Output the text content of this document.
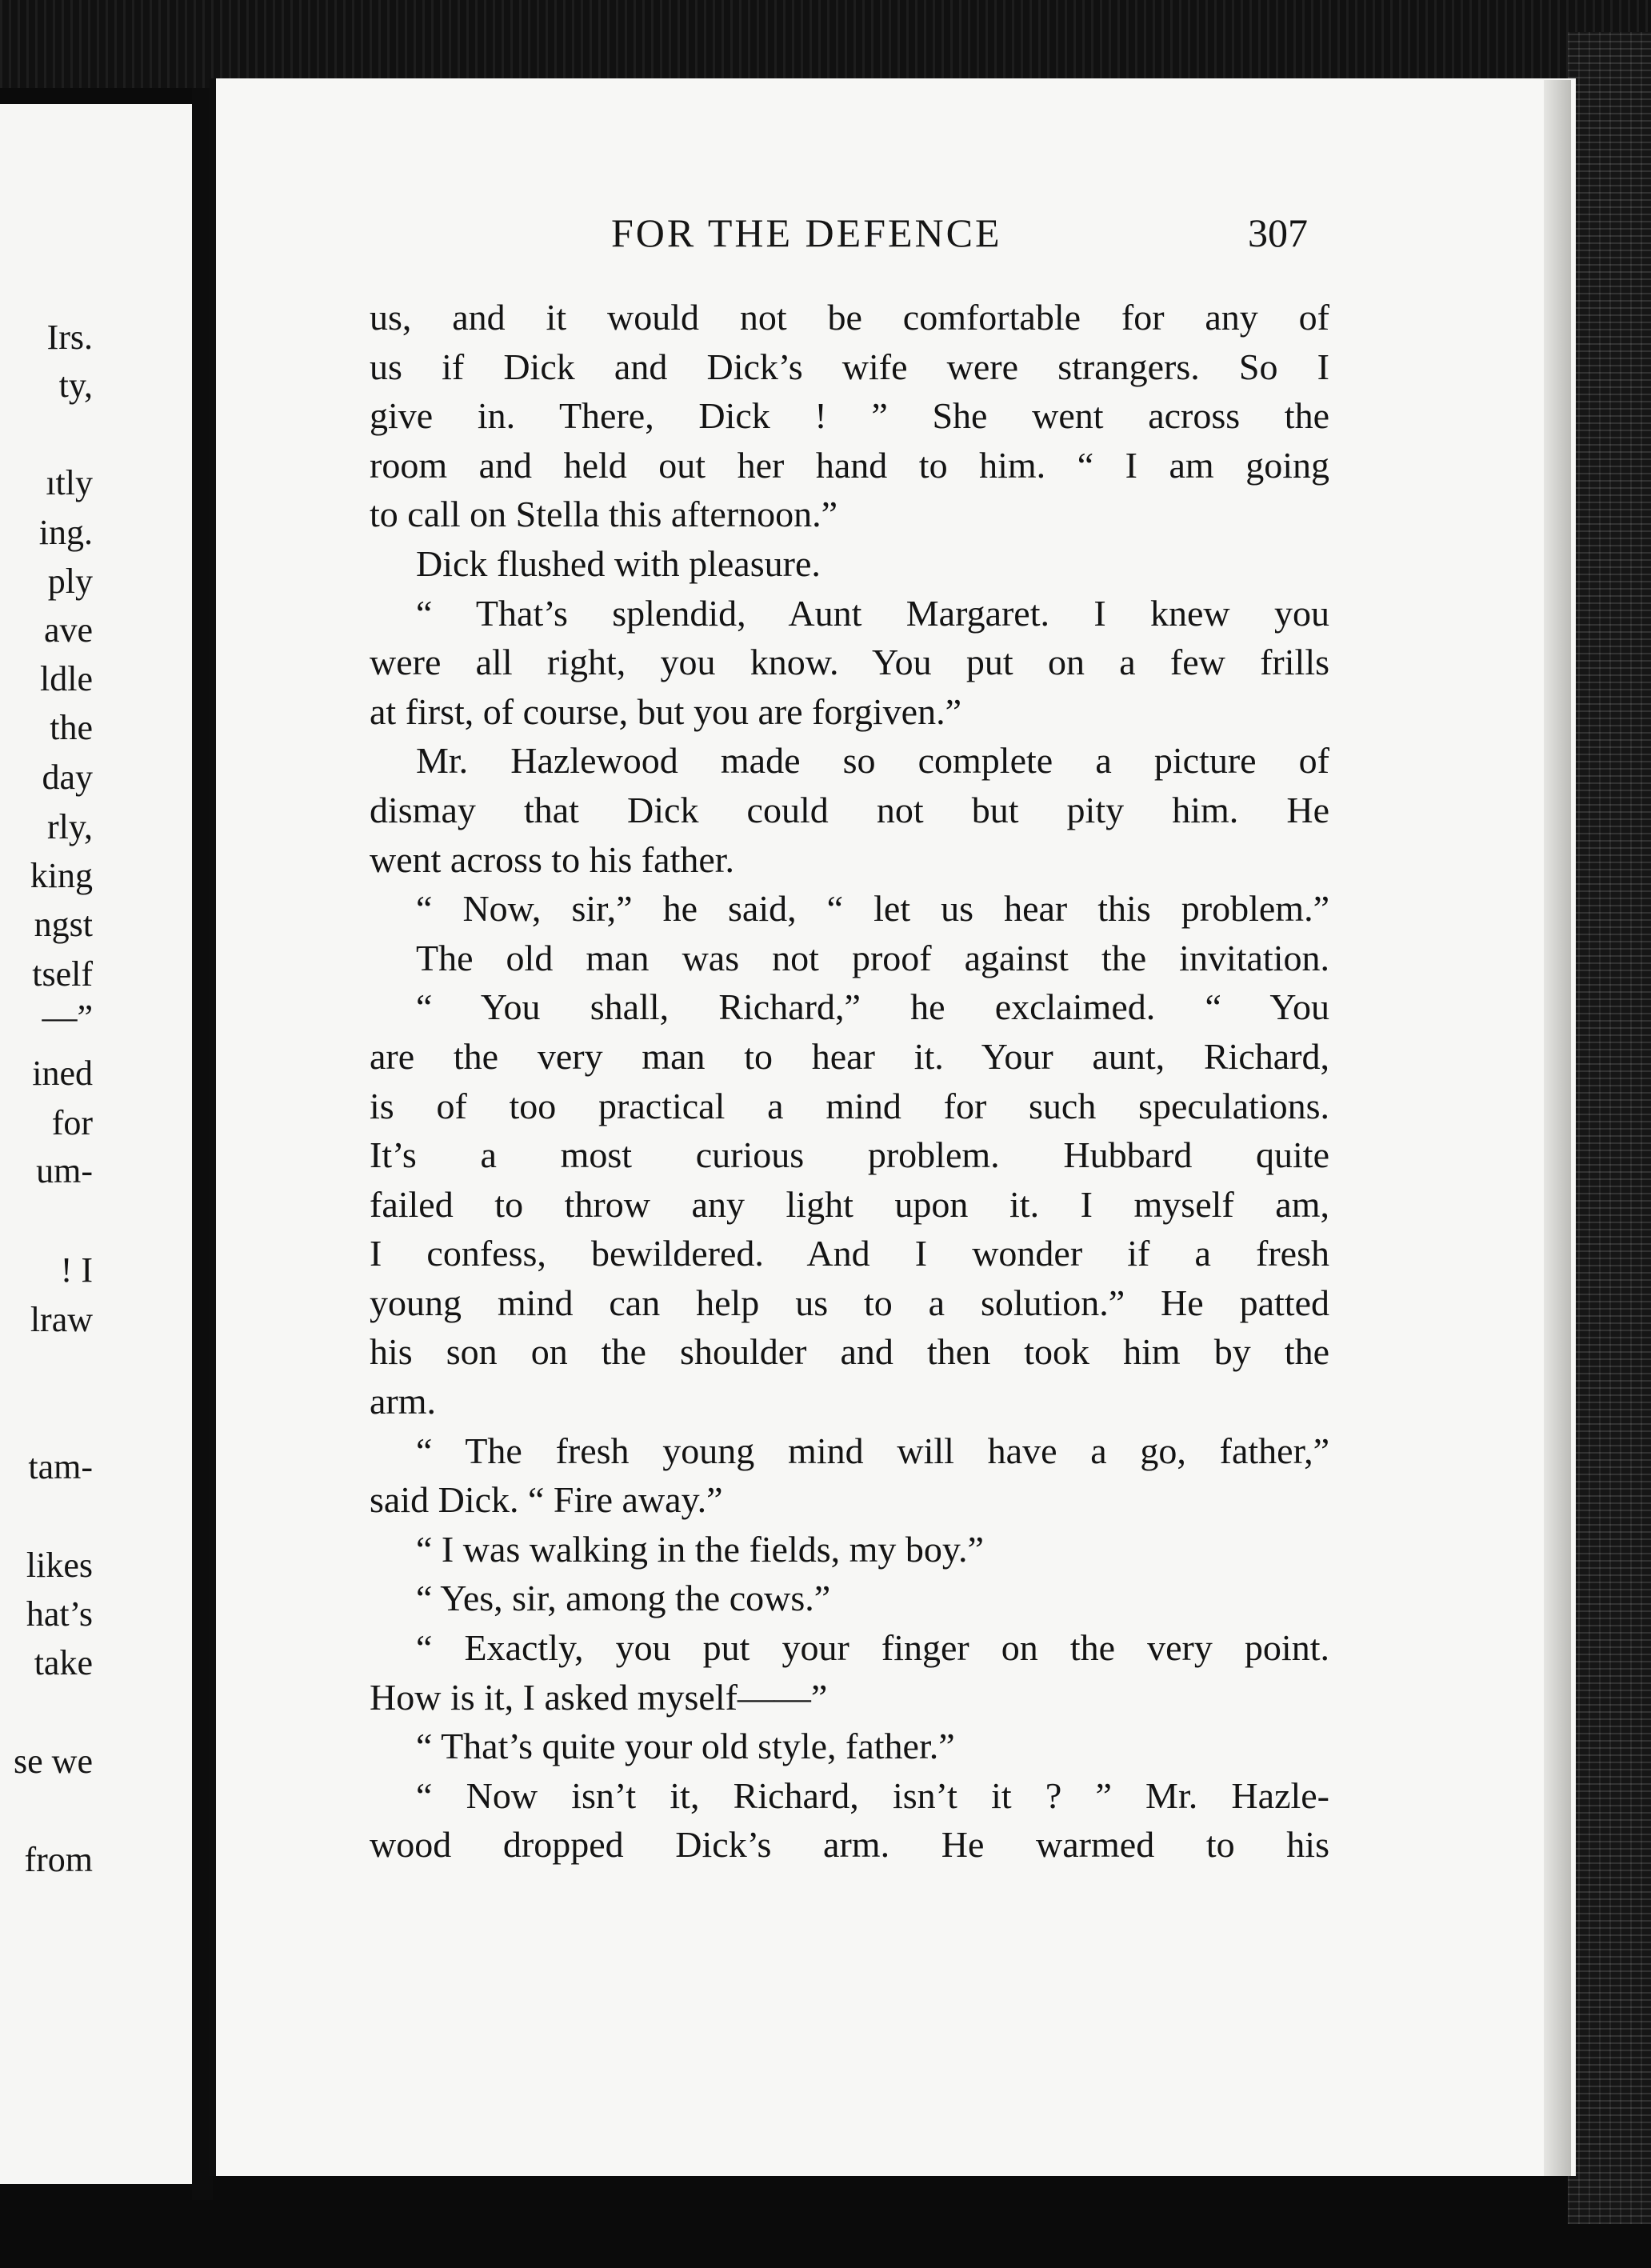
Irs.
ty,
ıtly
ing.
ply
ave
ldle
the
day
rly,
king
ngst
tself
—”
ined
for
um-
! I
lraw
tam-
likes
hat’s
take
se we
from
FOR THE DEFENCE	307
us, and it would not be comfortable for any of
us if Dick and Dick’s wife were strangers. So I
give in. There, Dick ! ” She went across the
room and held out her hand to him. “ I am going
to call on Stella this afternoon.”
Dick flushed with pleasure.
“ That’s splendid, Aunt Margaret. I knew you
were all right, you know. You put on a few frills
at first, of course, but you are forgiven.”
Mr. Hazlewood made so complete a picture of
dismay that Dick could not but pity him. He
went across to his father.
“ Now, sir,” he said, “ let us hear this problem.”
The old man was not proof against the invitation.
“ You shall, Richard,” he exclaimed. “ You
are the very man to hear it. Your aunt, Richard,
is of too practical a mind for such speculations.
It’s a most curious problem. Hubbard quite
failed to throw any light upon it. I myself am,
I confess, bewildered. And I wonder if a fresh
young mind can help us to a solution.” He patted
his son on the shoulder and then took him by the
arm.
“ The fresh young mind will have a go, father,”
said Dick. “ Fire away.”
“ I was walking in the fields, my boy.”
“ Yes, sir, among the cows.”
“ Exactly, you put your finger on the very point.
How is it, I asked myself——”
“ That’s quite your old style, father.”
“ Now isn’t it, Richard, isn’t it ? ” Mr. Hazle-
wood dropped Dick’s arm. He warmed to his
